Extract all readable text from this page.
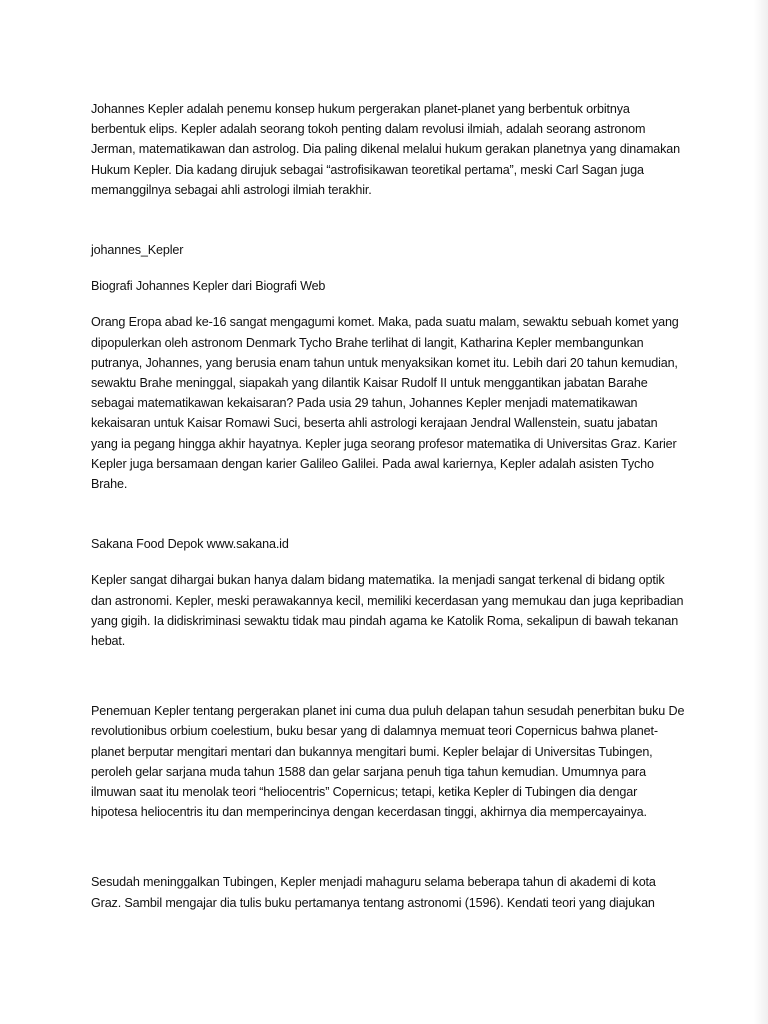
Johannes Kepler adalah penemu konsep hukum pergerakan planet-planet yang berbentuk orbitnya berbentuk elips. Kepler adalah seorang tokoh penting dalam revolusi ilmiah, adalah seorang astronom Jerman, matematikawan dan astrolog. Dia paling dikenal melalui hukum gerakan planetnya yang dinamakan Hukum Kepler. Dia kadang dirujuk sebagai “astrofisikawan teoretikal pertama”, meski Carl Sagan juga memanggilnya sebagai ahli astrologi ilmiah terakhir.

johannes_Kepler

Biografi Johannes Kepler dari Biografi Web

Orang Eropa abad ke-16 sangat mengagumi komet. Maka, pada suatu malam, sewaktu sebuah komet yang dipopulerkan oleh astronom Denmark Tycho Brahe terlihat di langit, Katharina Kepler membangunkan putranya, Johannes, yang berusia enam tahun untuk menyaksikan komet itu. Lebih dari 20 tahun kemudian, sewaktu Brahe meninggal, siapakah yang dilantik Kaisar Rudolf II untuk menggantikan jabatan Barahe sebagai matematikawan kekaisaran? Pada usia 29 tahun, Johannes Kepler menjadi matematikawan kekaisaran untuk Kaisar Romawi Suci, beserta ahli astrologi kerajaan Jendral Wallenstein, suatu jabatan yang ia pegang hingga akhir hayatnya. Kepler juga seorang profesor matematika di Universitas Graz. Karier Kepler juga bersamaan dengan karier Galileo Galilei. Pada awal kariernya, Kepler adalah asisten Tycho Brahe.

Sakana Food Depok www.sakana.id

Kepler sangat dihargai bukan hanya dalam bidang matematika. Ia menjadi sangat terkenal di bidang optik dan astronomi. Kepler, meski perawakannya kecil, memiliki kecerdasan yang memukau dan juga kepribadian yang gigih. Ia didiskriminasi sewaktu tidak mau pindah agama ke Katolik Roma, sekalipun di bawah tekanan hebat.

Penemuan Kepler tentang pergerakan planet ini cuma dua puluh delapan tahun sesudah penerbitan buku De revolutionibus orbium coelestium, buku besar yang di dalamnya memuat teori Copernicus bahwa planet-planet berputar mengitari mentari dan bukannya mengitari bumi. Kepler belajar di Universitas Tubingen, peroleh gelar sarjana muda tahun 1588 dan gelar sarjana penuh tiga tahun kemudian. Umumnya para ilmuwan saat itu menolak teori “heliocentris” Copernicus; tetapi, ketika Kepler di Tubingen dia dengar hipotesa heliocentris itu dan memperincinya dengan kecerdasan tinggi, akhirnya dia mempercayainya.

Sesudah meninggalkan Tubingen, Kepler menjadi mahaguru selama beberapa tahun di akademi di kota Graz. Sambil mengajar dia tulis buku pertamanya tentang astronomi (1596). Kendati teori yang diajukan
